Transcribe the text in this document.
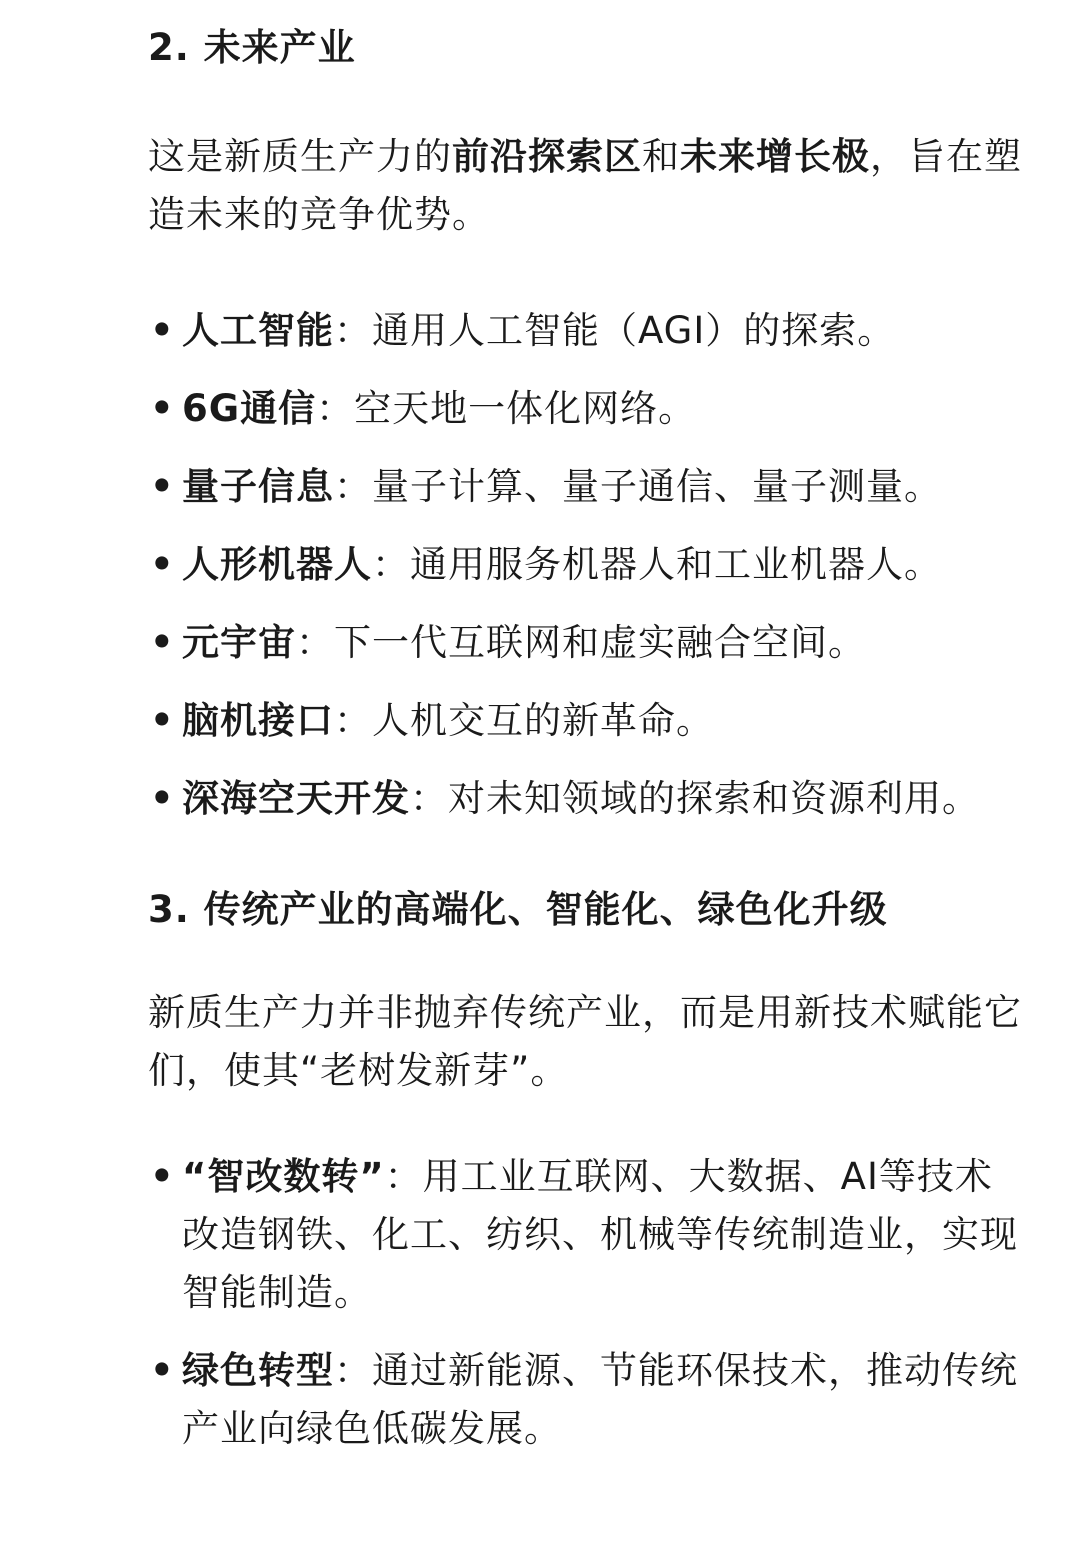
2. 未来产业

这是新质生产力的前沿探索区和未来增长极，旨在塑造未来的竞争优势。

• 人工智能：通用人工智能（AGI）的探索。
• 6G通信：空天地一体化网络。
• 量子信息：量子计算、量子通信、量子测量。
• 人形机器人：通用服务机器人和工业机器人。
• 元宇宙：下一代互联网和虚实融合空间。
• 脑机接口：人机交互的新革命。
• 深海空天开发：对未知领域的探索和资源利用。
3. 传统产业的高端化、智能化、绿色化升级

新质生产力并非抛弃传统产业，而是用新技术赋能它们，使其“老树发新芽”。

• “智改数转”：用工业互联网、大数据、AI等技术改造钢铁、化工、纺织、机械等传统制造业，实现智能制造。
• 绿色转型：通过新能源、节能环保技术，推动传统产业向绿色低碳发展。
